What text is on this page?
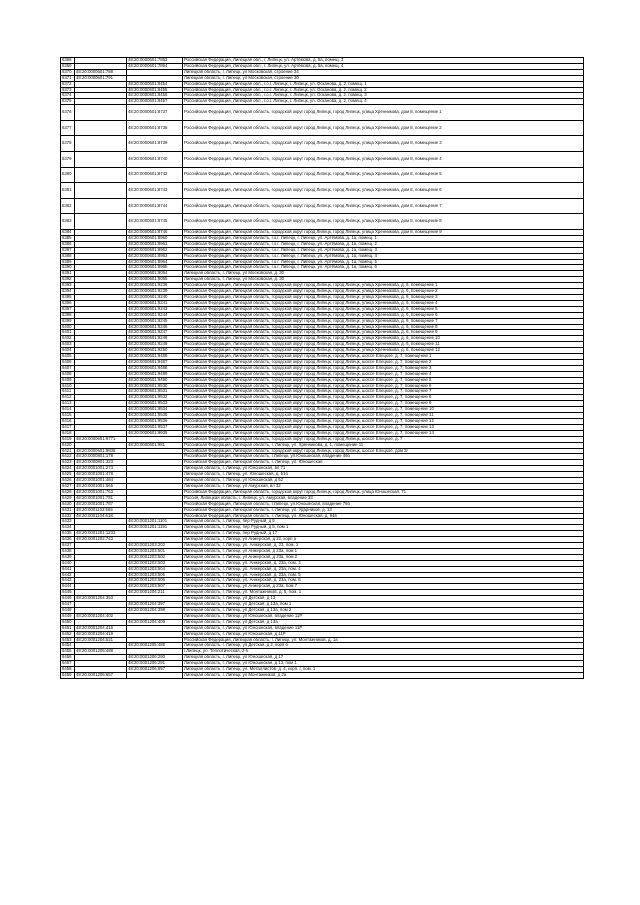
6368		48:20:0000601:7863	Российская Федерация, Липецкая обл., г. Липецк, ул. Артёмова, д. 5а, помещ. 3
6369		48:20:0000601:7864	Российская Федерация, Липецкая обл., г. Липецк, ул. Артёмова, д. 5а, помещ. 4
6370	48:20:0000601:788		Липецкая область, г. Липецк, ул Московская, строение 34
6371	48:20:0000601:791		Липецкая область, г. Липецк, ул Московская, строение 30
6372		48:20:0000601:8454	Российская Федерация, Липецкая обл., г.о.г. Липецк, г. Липецк, ул. Осканова, д. 2, помещ. 1
6373		48:20:0000601:8455	Российская Федерация, Липецкая обл., г.о.г. Липецк, г. Липецк, ул. Осканова, д. 2, помещ. 2
6374		48:20:0000601:8456	Российская Федерация, Липецкая обл., г.о.г. Липецк, г. Липецк, ул. Осканова, д. 2, помещ. 3
6375		48:20:0000601:8457	Российская Федерация, Липецкая обл., г.о.г. Липецк, г. Липецк, ул. Осканова, д. 2, помещ. 4
6376		48:20:0000601:8737	Российская Федерация, Липецкая область, городской округ город Липецк, город Липецк, улица Хренникова, дом 8, помещение 1
6377		48:20:0000601:8738	Российская Федерация, Липецкая область, городской округ город Липецк, город Липецк, улица Хренникова, дом 8, помещение 2
6378		48:20:0000601:8739	Российская Федерация, Липецкая область, городской округ город Липецк, город Липецк, улица Хренникова, дом 8, помещение 3
6379		48:20:0000601:8740	Российская Федерация, Липецкая область, городской округ город Липецк, город Липецк, улица Хренникова, дом 8, помещение 4
6380		48:20:0000601:8742	Российская Федерация, Липецкая область, городской округ город Липецк, город Липецк, улица Хренникова, дом 8, помещение 5
6381		48:20:0000601:8743	Российская Федерация, Липецкая область, городской округ город Липецк, город Липецк, улица Хренникова, дом 8, помещение 6
6382		48:20:0000601:8744	Российская Федерация, Липецкая область, городской округ город Липецк, город Липецк, улица Хренникова, дом 8, помещение 7
6383		48:20:0000601:8745	Российская Федерация, Липецкая область, городской округ город Липецк, город Липецк, улица Хренникова, дом 8, помещение 8
6384		48:20:0000601:8746	Российская Федерация, Липецкая область, городской округ город Липецк, город Липецк, улица Хренникова, дом 8, помещение 9
6385		48:20:0000601:8960	Российская Федерация, Липецкая область, г.о.г. Липецк, г. Липецк, ул. Артёмова, д. 1а, помещ. 1
6386		48:20:0000601:8961	Российская Федерация, Липецкая область, г.о.г. Липецк, г. Липецк, ул. Артёмова, д. 1а, помещ. 2
6387		48:20:0000601:8962	Российская Федерация, Липецкая область, г.о.г. Липецк, г. Липецк, ул. Артёмова, д. 1а, помещ. 3
6388		48:20:0000601:8963	Российская Федерация, Липецкая область, г.о.г. Липецк, г. Липецк, ул. Артёмова, д. 1а, помещ. 4
6389		48:20:0000601:8964	Российская Федерация, Липецкая область, г.о.г. Липецк, г. Липецк, ул. Артёмова, д. 1а, помещ. 5
6390		48:20:0000601:8965	Российская Федерация, Липецкая область, г.о.г. Липецк, г. Липецк, ул. Артёмова, д. 1а, помещ. 6
6391		48:20:0000601:9054	Липецкая область, г. Липецк, ул Московская, д. 30
6392		48:20:0000601:9055	Липецкая область, г. Липецк, ул Московская, д. 30
6393		48:20:0000601:9238	Российская Федерация, Липецкая область, городской округ город Липецк, город Липецк, улица Хренникова, д. 6, помещение 1
6394		48:20:0000601:9239	Российская Федерация, Липецкая область, городской округ город Липецк, город Липецк, улица Хренникова, д. 6, помещение 2
6395		48:20:0000601:9240	Российская Федерация, Липецкая область, городской округ город Липецк, город Липецк, улица Хренникова, д. 6, помещение 3
6396		48:20:0000601:9241	Российская Федерация, Липецкая область, городской округ город Липецк, город Липецк, улица Хренникова, д. 6, помещение 4
6397		48:20:0000601:9243	Российская Федерация, Липецкая область, городской округ город Липецк, город Липецк, улица Хренникова, д. 6, помещение 5
6398		48:20:0000601:9244	Российская Федерация, Липецкая область, городской округ город Липецк, город Липецк, улица Хренникова, д. 6, помещение 6
6399		48:20:0000601:9245	Российская Федерация, Липецкая область, городской округ город Липецк, город Липецк, улица Хренникова, д. 6, помещение 7
6400		48:20:0000601:9246	Российская Федерация, Липецкая область, городской округ город Липецк, город Липецк, улица Хренникова, д. 6, помещение 8
6401		48:20:0000601:9247	Российская Федерация, Липецкая область, городской округ город Липецк, город Липецк, улица Хренникова, д. 6, помещение 9
6402		48:20:0000601:9248	Российская Федерация, Липецкая область, городской округ город Липецк, город Липецк, улица Хренникова, д. 6, помещение 10
6403		48:20:0000601:9249	Российская Федерация, Липецкая область, городской округ город Липецк, город Липецк, улица Хренникова, д. 6, помещение 11
6404		48:20:0000601:9250	Российская Федерация, Липецкая область, городской округ город Липецк, город Липецк, улица Хренникова, д. 6, помещение 12
6405		48:20:0000601:9486	Российская Федерация, Липецкая область, городской округ город Липецк, город Липецк, шоссе Елецкое, д. 7, помещение 1
6406		48:20:0000601:9487	Российская Федерация, Липецкая область, городской округ город Липецк, город Липецк, шоссе Елецкое, д. 7, помещение 2
6407		48:20:0000601:9488	Российская Федерация, Липецкая область, городской округ город Липецк, город Липецк, шоссе Елецкое, д. 7, помещение 3
6408		48:20:0000601:9489	Российская Федерация, Липецкая область, городской округ город Липецк, город Липецк, шоссе Елецкое, д. 7, помещение 4
6409		48:20:0000601:9490	Российская Федерация, Липецкая область, городской округ город Липецк, город Липецк, шоссе Елецкое, д. 7, помещение 5
6410		48:20:0000601:9530	Российская Федерация, Липецкая область, городской округ город Липецк, город Липецк, шоссе Елецкое, д. 7, помещение 6
6411		48:20:0000601:9531	Российская Федерация, Липецкая область, городской округ город Липецк, город Липецк, шоссе Елецкое, д. 7, помещение 7
6412		48:20:0000601:9532	Российская Федерация, Липецкая область, городской округ город Липецк, город Липецк, шоссе Елецкое, д. 7, помещение 8
6413		48:20:0000601:9533	Российская Федерация, Липецкая область, городской округ город Липецк, город Липецк, шоссе Елецкое, д. 7, помещение 9
6414		48:20:0000601:9534	Российская Федерация, Липецкая область, городской округ город Липецк, город Липецк, шоссе Елецкое, д. 7, помещение 10
6415		48:20:0000601:9535	Российская Федерация, Липецкая область, городской округ город Липецк, город Липецк, шоссе Елецкое, д. 7, помещение 11
6416		48:20:0000601:9536	Российская Федерация, Липецкая область, городской округ город Липецк, город Липецк, шоссе Елецкое, д. 7, помещение 12
6417		48:20:0000601:9537	Российская Федерация, Липецкая область, городской округ город Липецк, город Липецк, шоссе Елецкое, д. 7, помещение 13
6418		48:20:0000601:9605	Российская Федерация, Липецкая область, городской округ город Липецк, город Липецк, шоссе Елецкое, д. 7, помещение 14
6419	48:20:0000601:9771		Российская Федерация, Липецкая область, городской округ город Липецк, город Липецк, шоссе Елецкое, д. 7
6420		48:20:0000601:981	Российская Федерация, Липецкая область, г. Липецк, ул. Хренникова, д. 1, помещение 11
6421	48:20:0000601:9836		Российская Федерация, Липецкая область, городской округ город Липецк, город Липецк, шоссе Елецкое, дом 3/
6422	48:20:0000801:178		Российская Федерация, Липецкая область, г.Липецк, ул.Юношеская, владение 46б
6423	48:20:0000801:323		Российская Федерация, Липецкая область, г. Липецк, ул. Юношеская
6424	48:20:0001001:273		Липецкая область, г. Липецк, ул Юношеская, вл 71
6425	48:20:0001001:478		Липецкая область, г. Липецк, ул. Юношеская, д. 51б
6426	48:20:0001001:484		Липецкая область, г. Липецк, ул Юношеская, д 52
6427	48:20:0001001:565		Липецкая область, г. Липецк, ул Амурская, вл 32
6428	48:20:0001001:763		Российская Федерация, Липецкая область, городской округ город Липецк, город Липецк, улица Юношеская, 71
6429	48:20:0001001:781		Россия, Липецкая область, г. Липецк, ул. Амурская, владение 33
6430	48:20:0001001:787		Российская Федерация, Липецкая область, г.Липецк, ул.Юношеская, владение 75б
6431	48:20:0001103:565		Российская Федерация, Липецкая область, г. Липецк, ул. Ударников, д. 13
6432	48:20:0001104:618		Российская Федерация, Липецкая область, г. Липецк, ул. Юношеская, д. 64в
6433		48:20:0001201:1101	Липецкая область, г. Липецк, пер Рудный, д 5
6434		48:20:0001201:1191	Липецкая область, г. Липецк, пер Рудный, д 5, пом 1
6435	48:20:0001201:1233		Липецкая область, г. Липецк, пер Рудный, д 17
6436	48:20:0001202:743		Липецкая область, г. Липецк, ул Анжерская, д 22, корп а
6437		48:20:0001203:202	Липецкая область, г. Липецк, ул. Анжерская, д. 23, пом. 1
6438		48:20:0001203:501	Липецкая область, г. Липецк, ул Анжерская, д 23а, пом 1
6439		48:20:0001203:502	Липецкая область, г. Липецк, ул Анжерская, д 23а, пом 2
6440		48:20:0001203:503	Липецкая область, г. Липецк, ул. Анжерская, д. 23а, пом. 3
6441		48:20:0001203:504	Липецкая область, г. Липецк, ул. Анжерская, д. 23а, пом. 4
6442		48:20:0001203:505	Липецкая область, г. Липецк, ул. Анжерская, д. 23а, пом. 5
6443		48:20:0001203:506	Липецкая область, г. Липецк, ул. Анжерская, д. 23а, пом. 6
6444		48:20:0001203:507	Липецкая область, г. Липецк, ул Анжерская, д 23а, пом 7
6445		48:20:0001204:211	Липецкая область, г. Липецк, ул. Монтажников, д. 5, пом. 1
6446	48:20:0001204:353		Липецкая область, г. Липецк, ул Детская, д 13
6447		48:20:0001204:397	Липецкая область, г. Липецк, ул Детская, д 13а, пом 1
6448		48:20:0001204:398	Липецкая область, г. Липецк, ул Детская, д 13а, пом 2
6449	48:20:0001204:402		Липецкая область, г. Липецк, ул Юношеская, владение 11Р
6450		48:20:0001204:409	Липецкая область, г. Липецк, ул Детская, д 13а
6451	48:20:0001204:416		Липецкая область, г. Липецк, ул Юношеская, владение 11Р
6452	48:20:0001204:419		Липецкая область, г. Липецк, ул Юношеская, д 11Р
6453	48:20:0001204:521		Российская Федерация, Липецкая область, г. Липецк, ул. Монтажников, д. 1а
6454		48:20:0001205:486	Липецкая область, г. Липецк, ул Детская, д 2, корп б
6455	48:20:0001205:488		г.Липецк, ул. Теплотическая, 2-б
6456		48:20:0001206:290	Липецкая область, г. Липецк, ул Юношеская, д 17
6457		48:20:0001206:291	Липецкая область, г. Липецк, ул Юношеская, д 13, пом 1
6458		48:20:0001206:657	Липецкая область, г. Липецк, ул. Металлистов, д. 4, корп. г, пом. 1
6459	48:20:0001206:657		Липецкая область, г. Липецк, ул Монтажников, д 2а
